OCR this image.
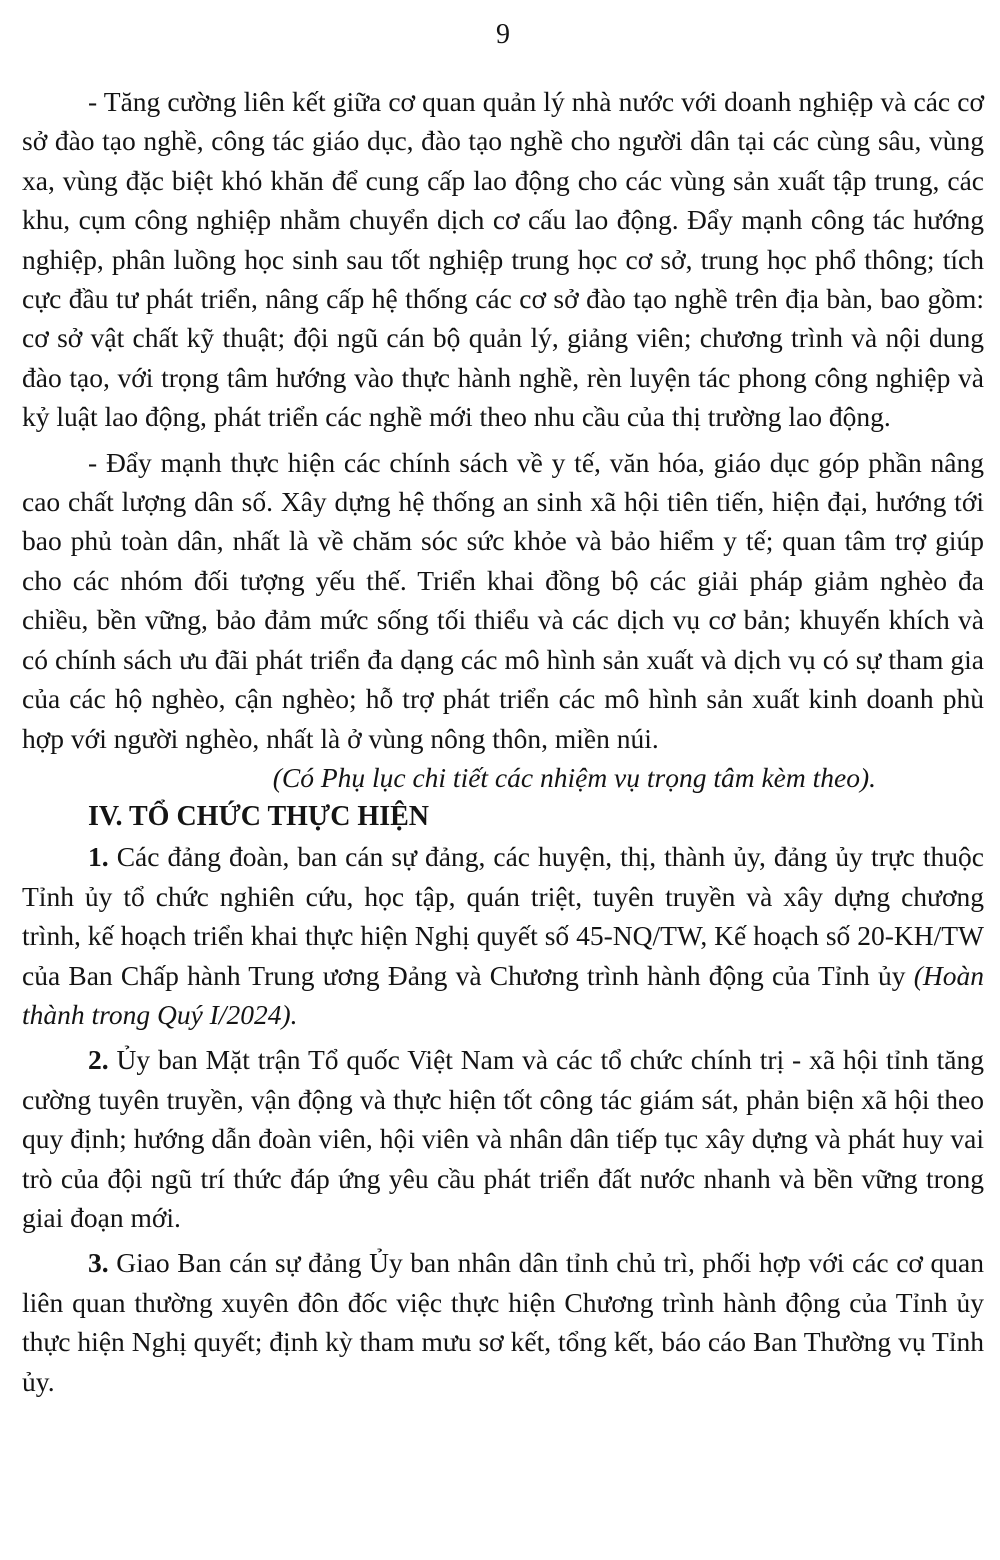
9

- Tăng cường liên kết giữa cơ quan quản lý nhà nước với doanh nghiệp và các cơ sở đào tạo nghề, công tác giáo dục, đào tạo nghề cho người dân tại các cùng sâu, vùng xa, vùng đặc biệt khó khăn để cung cấp lao động cho các vùng sản xuất tập trung, các khu, cụm công nghiệp nhằm chuyển dịch cơ cấu lao động. Đẩy mạnh công tác hướng nghiệp, phân luồng học sinh sau tốt nghiệp trung học cơ sở, trung học phổ thông; tích cực đầu tư phát triển, nâng cấp hệ thống các cơ sở đào tạo nghề trên địa bàn, bao gồm: cơ sở vật chất kỹ thuật; đội ngũ cán bộ quản lý, giảng viên; chương trình và nội dung đào tạo, với trọng tâm hướng vào thực hành nghề, rèn luyện tác phong công nghiệp và kỷ luật lao động, phát triển các nghề mới theo nhu cầu của thị trường lao động.

- Đẩy mạnh thực hiện các chính sách về y tế, văn hóa, giáo dục góp phần nâng cao chất lượng dân số. Xây dựng hệ thống an sinh xã hội tiên tiến, hiện đại, hướng tới bao phủ toàn dân, nhất là về chăm sóc sức khỏe và bảo hiểm y tế; quan tâm trợ giúp cho các nhóm đối tượng yếu thế. Triển khai đồng bộ các giải pháp giảm nghèo đa chiều, bền vững, bảo đảm mức sống tối thiểu và các dịch vụ cơ bản; khuyến khích và có chính sách ưu đãi phát triển đa dạng các mô hình sản xuất và dịch vụ có sự tham gia của các hộ nghèo, cận nghèo; hỗ trợ phát triển các mô hình sản xuất kinh doanh phù hợp với người nghèo, nhất là ở vùng nông thôn, miền núi.

(Có Phụ lục chi tiết các nhiệm vụ trọng tâm kèm theo).

IV. TỔ CHỨC THỰC HIỆN

1. Các đảng đoàn, ban cán sự đảng, các huyện, thị, thành ủy, đảng ủy trực thuộc Tỉnh ủy tổ chức nghiên cứu, học tập, quán triệt, tuyên truyền và xây dựng chương trình, kế hoạch triển khai thực hiện Nghị quyết số 45-NQ/TW, Kế hoạch số 20-KH/TW của Ban Chấp hành Trung ương Đảng và Chương trình hành động của Tỉnh ủy (Hoàn thành trong Quý I/2024).

2. Ủy ban Mặt trận Tổ quốc Việt Nam và các tổ chức chính trị - xã hội tỉnh tăng cường tuyên truyền, vận động và thực hiện tốt công tác giám sát, phản biện xã hội theo quy định; hướng dẫn đoàn viên, hội viên và nhân dân tiếp tục xây dựng và phát huy vai trò của đội ngũ trí thức đáp ứng yêu cầu phát triển đất nước nhanh và bền vững trong giai đoạn mới.

3. Giao Ban cán sự đảng Ủy ban nhân dân tỉnh chủ trì, phối hợp với các cơ quan liên quan thường xuyên đôn đốc việc thực hiện Chương trình hành động của Tỉnh ủy thực hiện Nghị quyết; định kỳ tham mưu sơ kết, tổng kết, báo cáo Ban Thường vụ Tỉnh ủy.
